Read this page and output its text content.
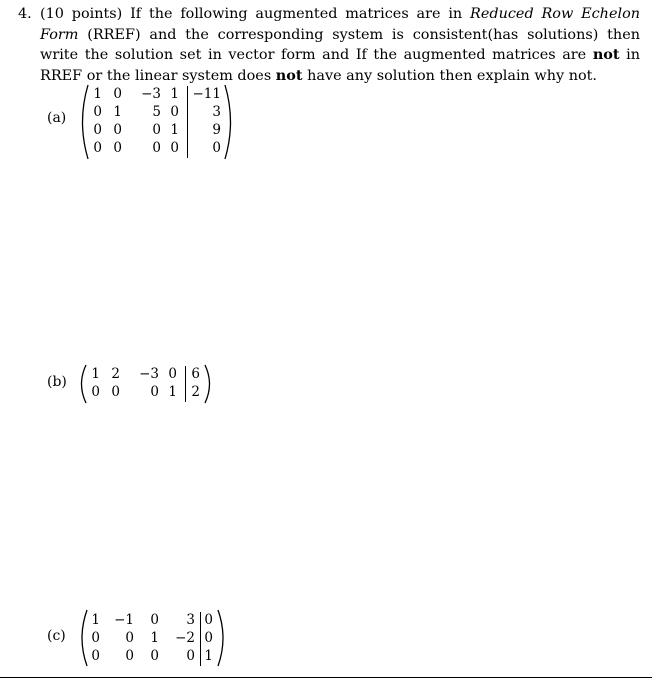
4. (10 points) If the following augmented matrices are in Reduced Row Echelon Form (RREF) and the corresponding system is consistent(has solutions) then write the solution set in vector form and If the augmented matrices are not in RREF or the linear system does not have any solution then explain why not.
(a)
1 0	−3 1	−11
0 1	5 0	3
0 0	0 1	9
0 0	0 0	0
(b)	1 2	−3 0	6
0 0	0 1	2
(c)
1	−1	0	3 0
0	0	1	−2 0
0	0	0	0 1
